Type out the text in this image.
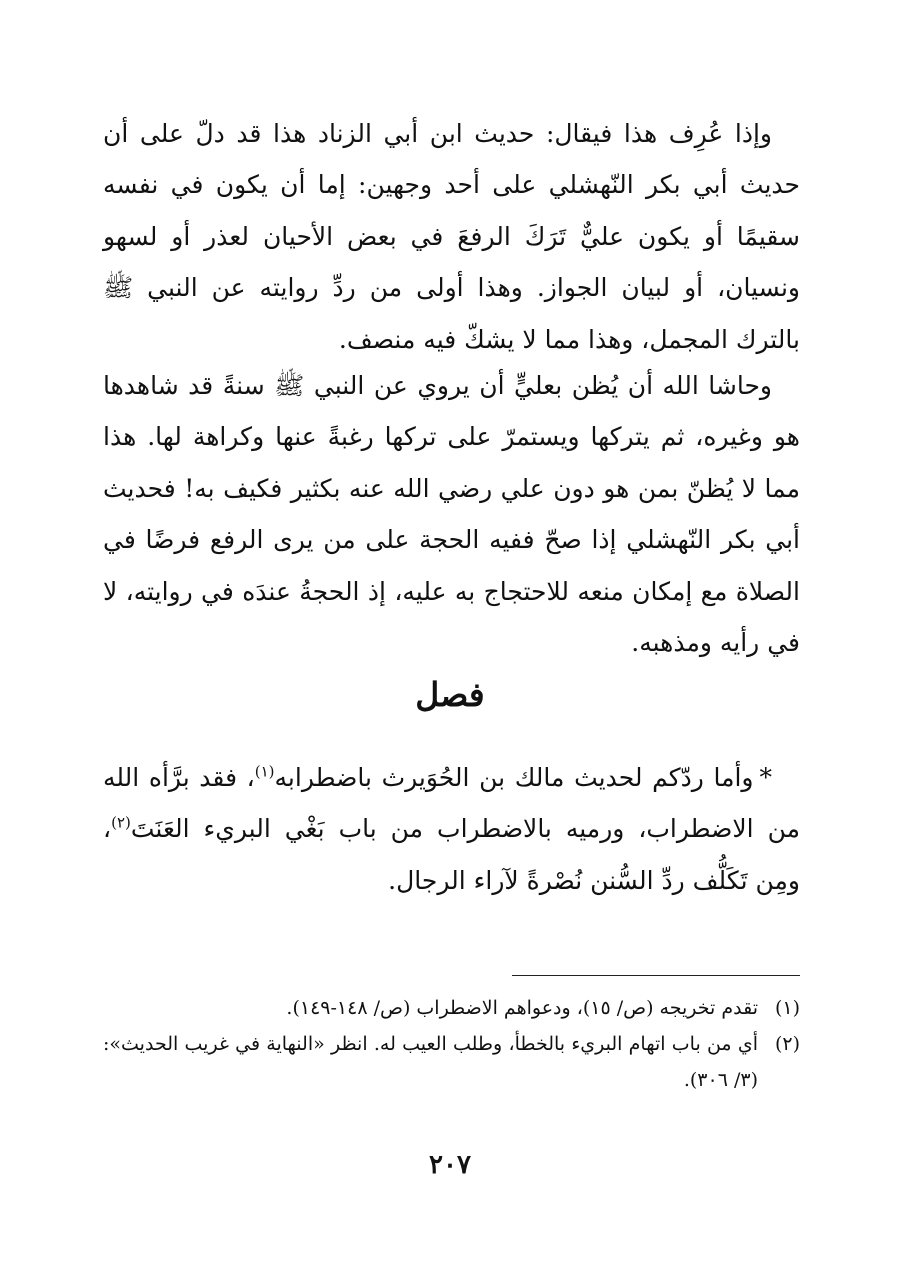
وإذا عُرِف هذا فيقال: حديث ابن أبي الزناد هذا قد دلّ على أن حديث أبي بكر النّهشلي على أحد وجهين: إما أن يكون في نفسه سقيمًا أو يكون عليٌّ تَرَكَ الرفعَ في بعض الأحيان لعذر أو لسهو ونسيان، أو لبيان الجواز. وهذا أولى من ردِّ روايته عن النبي ﷺ بالترك المجمل، وهذا مما لا يشكّ فيه منصف.

وحاشا الله أن يُظن بعليٍّ أن يروي عن النبي ﷺ سنةً قد شاهدها هو وغيره، ثم يتركها ويستمرّ على تركها رغبةً عنها وكراهة لها. هذا مما لا يُظنّ بمن هو دون علي رضي الله عنه بكثير فكيف به! فحديث أبي بكر النّهشلي إذا صحّ ففيه الحجة على من يرى الرفع فرضًا في الصلاة مع إمكان منعه للاحتجاج به عليه، إذ الحجةُ عندَه في روايته، لا في رأيه ومذهبه.

فصل

*وأما ردّكم لحديث مالك بن الحُوَيرث باضطرابه$^{(١)}$، فقد برَّأه الله من الاضطراب، ورميه بالاضطراب من باب بَغْي البريء العَنَتَ$^{(٢)}$، ومِن تَكَلُّف ردِّ السُّنن نُصْرةً لآراء الرجال.

(١)
تقدم تخريجه (ص/ ١٥)، ودعواهم الاضطراب (ص/ ١٤٨-١٤٩).
(٢)
أي من باب اتهام البريء بالخطأ، وطلب العيب له. انظر «النهاية في غريب الحديث»: (٣/ ٣٠٦).
٢٠٧
